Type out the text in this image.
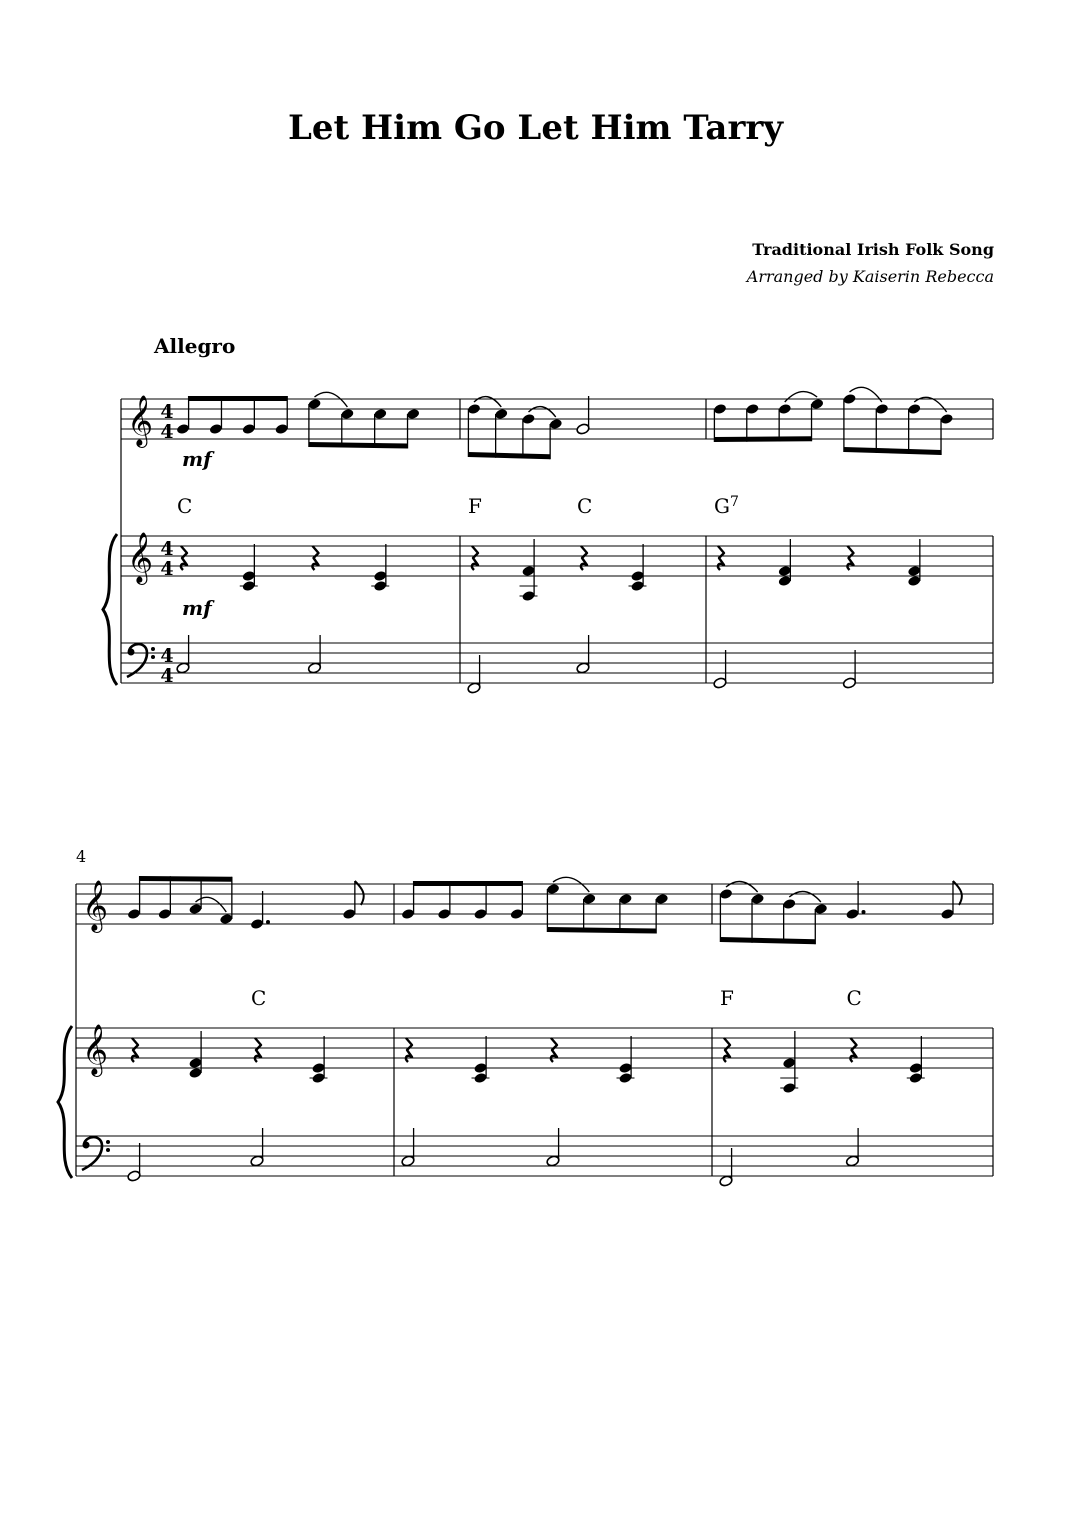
Let Him Go Let Him Tarry
Traditional Irish Folk Song
Arranged by Kaiserin Rebecca
Allegro
𝄞
𝄞
4
4
4
4
4
4
mf
mf
C	F	C	$G^7$
𝄞
𝄞
4
C	F	C
